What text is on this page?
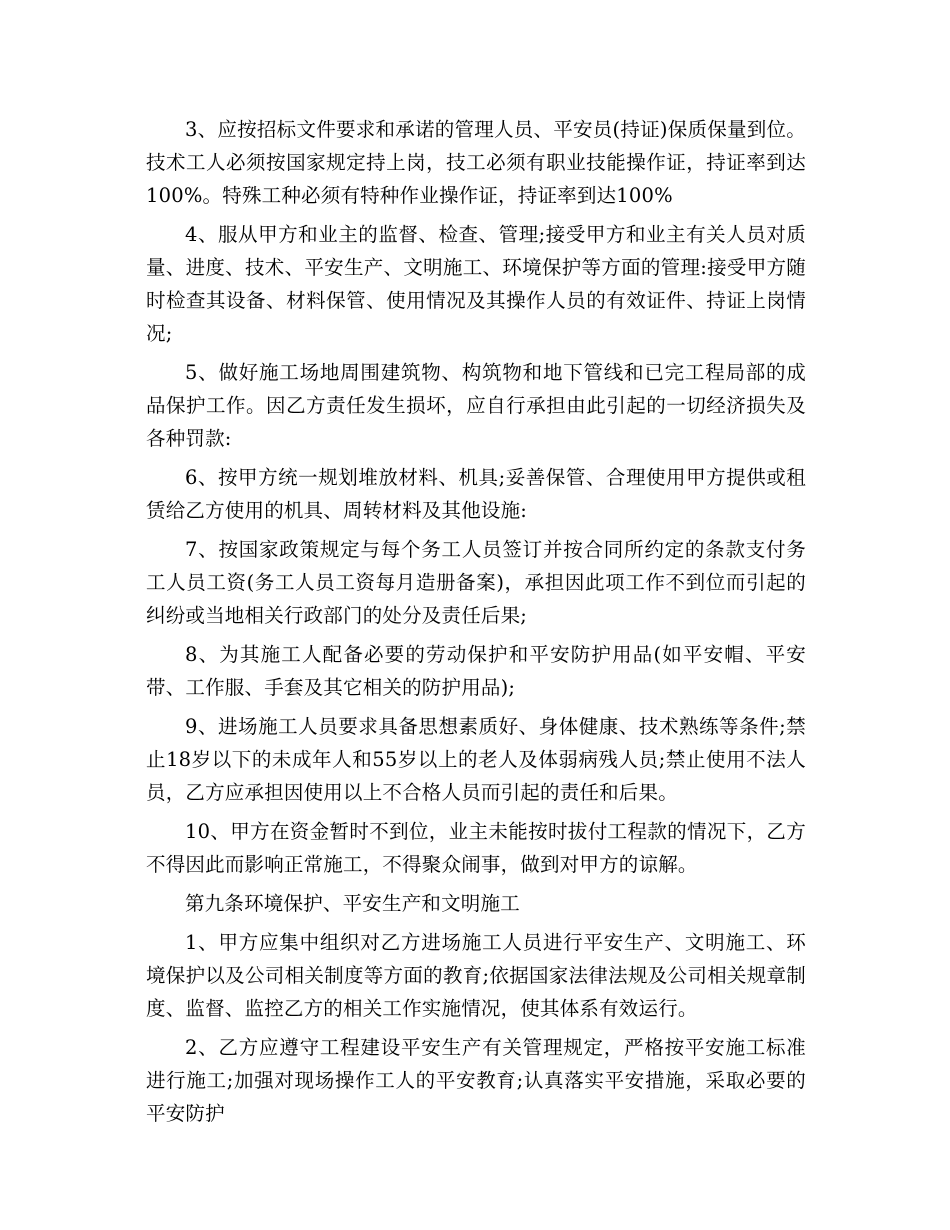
3、应按招标文件要求和承诺的管理人员、平安员(持证)保质保量到位。技术工人必须按国家规定持上岗，技工必须有职业技能操作证，持证率到达100%。特殊工种必须有特种作业操作证，持证率到达100%

4、服从甲方和业主的监督、检查、管理;接受甲方和业主有关人员对质量、进度、技术、平安生产、文明施工、环境保护等方面的管理:接受甲方随时检查其设备、材料保管、使用情况及其操作人员的有效证件、持证上岗情况;

5、做好施工场地周围建筑物、构筑物和地下管线和已完工程局部的成品保护工作。因乙方责任发生损坏，应自行承担由此引起的一切经济损失及各种罚款:

6、按甲方统一规划堆放材料、机具;妥善保管、合理使用甲方提供或租赁给乙方使用的机具、周转材料及其他设施:

7、按国家政策规定与每个务工人员签订并按合同所约定的条款支付务工人员工资(务工人员工资每月造册备案)，承担因此项工作不到位而引起的纠纷或当地相关行政部门的处分及责任后果;

8、为其施工人配备必要的劳动保护和平安防护用品(如平安帽、平安带、工作服、手套及其它相关的防护用品);

9、进场施工人员要求具备思想素质好、身体健康、技术熟练等条件;禁止18岁以下的未成年人和55岁以上的老人及体弱病残人员;禁止使用不法人员，乙方应承担因使用以上不合格人员而引起的责任和后果。

10、甲方在资金暂时不到位，业主未能按时拔付工程款的情况下，乙方不得因此而影响正常施工，不得聚众闹事，做到对甲方的谅解。

第九条环境保护、平安生产和文明施工

1、甲方应集中组织对乙方进场施工人员进行平安生产、文明施工、环境保护以及公司相关制度等方面的教育;依据国家法律法规及公司相关规章制度、监督、监控乙方的相关工作实施情况，使其体系有效运行。

2、乙方应遵守工程建设平安生产有关管理规定，严格按平安施工标准进行施工;加强对现场操作工人的平安教育;认真落实平安措施，采取必要的平安防护
